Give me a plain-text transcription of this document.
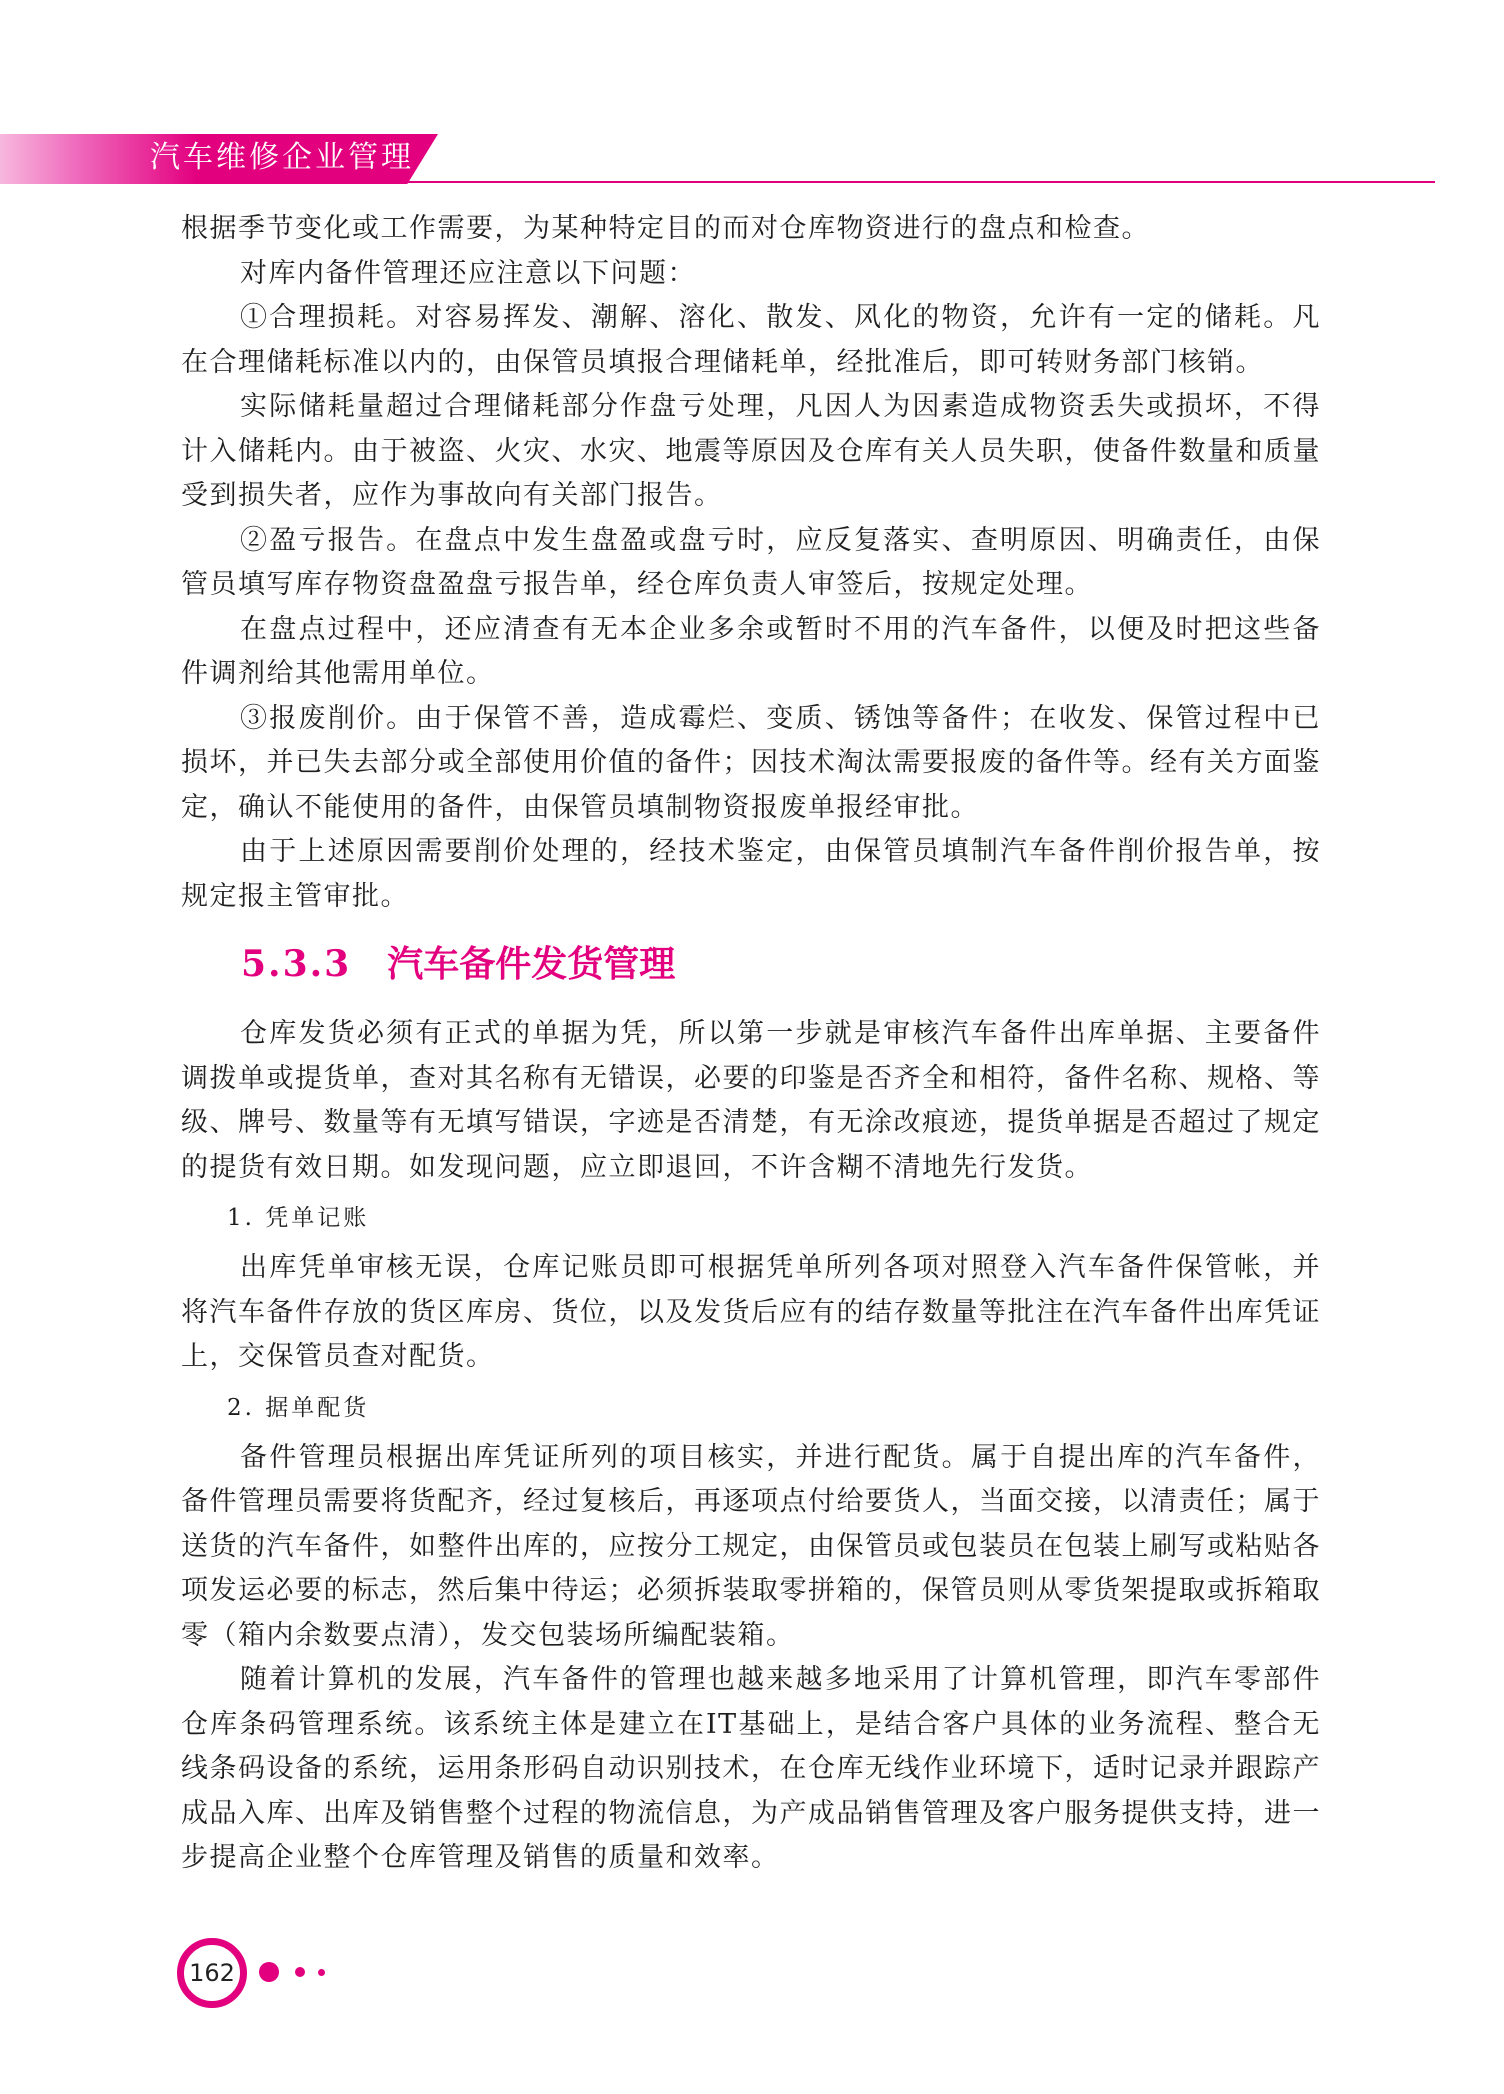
汽车维修企业管理

根据季节变化或工作需要，为某种特定目的而对仓库物资进行的盘点和检查。

对库内备件管理还应注意以下问题：

①合理损耗。对容易挥发、潮解、溶化、散发、风化的物资，允许有一定的储耗。凡在合理储耗标准以内的，由保管员填报合理储耗单，经批准后，即可转财务部门核销。

实际储耗量超过合理储耗部分作盘亏处理，凡因人为因素造成物资丢失或损坏，不得计入储耗内。由于被盗、火灾、水灾、地震等原因及仓库有关人员失职，使备件数量和质量受到损失者，应作为事故向有关部门报告。

②盈亏报告。在盘点中发生盘盈或盘亏时，应反复落实、查明原因、明确责任，由保管员填写库存物资盘盈盘亏报告单，经仓库负责人审签后，按规定处理。

在盘点过程中，还应清查有无本企业多余或暂时不用的汽车备件，以便及时把这些备件调剂给其他需用单位。

③报废削价。由于保管不善，造成霉烂、变质、锈蚀等备件；在收发、保管过程中已损坏，并已失去部分或全部使用价值的备件；因技术淘汰需要报废的备件等。经有关方面鉴定，确认不能使用的备件，由保管员填制物资报废单报经审批。

由于上述原因需要削价处理的，经技术鉴定，由保管员填制汽车备件削价报告单，按规定报主管审批。

5.3.3 汽车备件发货管理

仓库发货必须有正式的单据为凭，所以第一步就是审核汽车备件出库单据、主要备件调拨单或提货单，查对其名称有无错误，必要的印鉴是否齐全和相符，备件名称、规格、等级、牌号、数量等有无填写错误，字迹是否清楚，有无涂改痕迹，提货单据是否超过了规定的提货有效日期。如发现问题，应立即退回，不许含糊不清地先行发货。

1. 凭单记账

出库凭单审核无误，仓库记账员即可根据凭单所列各项对照登入汽车备件保管帐，并将汽车备件存放的货区库房、货位，以及发货后应有的结存数量等批注在汽车备件出库凭证上，交保管员查对配货。

2. 据单配货

备件管理员根据出库凭证所列的项目核实，并进行配货。属于自提出库的汽车备件，备件管理员需要将货配齐，经过复核后，再逐项点付给要货人，当面交接，以清责任；属于送货的汽车备件，如整件出库的，应按分工规定，由保管员或包装员在包装上刷写或粘贴各项发运必要的标志，然后集中待运；必须拆装取零拼箱的，保管员则从零货架提取或拆箱取零（箱内余数要点清），发交包装场所编配装箱。

随着计算机的发展，汽车备件的管理也越来越多地采用了计算机管理，即汽车零部件仓库条码管理系统。该系统主体是建立在IT基础上，是结合客户具体的业务流程、整合无线条码设备的系统，运用条形码自动识别技术，在仓库无线作业环境下，适时记录并跟踪产成品入库、出库及销售整个过程的物流信息，为产成品销售管理及客户服务提供支持，进一步提高企业整个仓库管理及销售的质量和效率。

162
